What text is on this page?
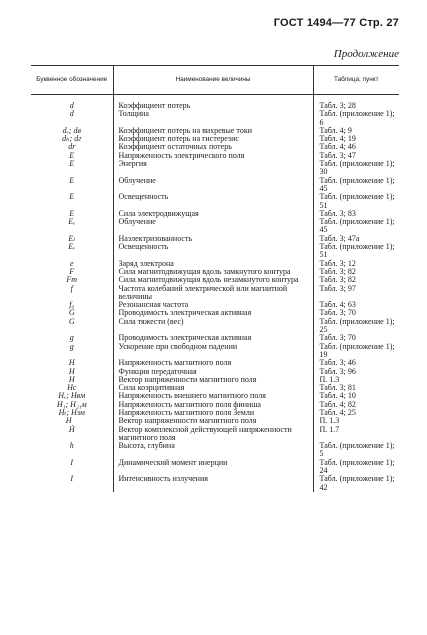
ГОСТ 1494—77 Стр. 27
Продолжение
Буквенное обозначение	Наименование величины	Таблица; пункт
d	Коэффициент потерь	Табл. 3; 28
d	Толщина	Табл. (приложение 1); 6
dᵥ; dв	Коэффициент потерь на вихревые токи	Табл. 4; 9
dₕ; dг	Коэффициент потерь на гистерезис	Табл. 4; 19
dr	Коэффициент остаточных потерь	Табл. 4; 46
E	Напряженность электрического поля	Табл. 3; 47
E	Энергия	Табл. (приложение 1); 30
E	Облучение	Табл. (приложение 1); 45
E	Освещенность	Табл. (приложение 1); 51
E	Сила электродвижущая	Табл. 3; 83
Eₑ	Облучение	Табл. (приложение 1); 45
Eₗ	Наэлектризованность	Табл. 3; 47а
Eᵥ	Освещенность	Табл. (приложение 1); 51
e	Заряд электрона	Табл. 3; 12
F	Сила магнитодвижущая вдоль замкнутого контура	Табл. 3; 82
Fm	Сила магнитодвижущая вдоль незамкнутого контура	Табл. 3; 82
f	Частота колебаний электрической или магнитной величины	Табл. 3; 97
f₀	Резонансная частота	Табл. 4; 63
G	Проводимость электрическая активная	Табл. 3; 70
G	Сила тяжести (вес)	Табл. (приложение 1); 25
g	Проводимость электрическая активная	Табл. 3; 70
g	Ускорение при свободном падении	Табл. (приложение 1); 19
H	Напряженность магнитного поля	Табл. 3; 46
H	Функция передаточная	Табл. 3; 96
H	Вектор напряженности магнитного поля	П. 1.3
Hc	Сила коэрцитивная	Табл. 3; 81
Hₑ; Hвм	Напряженность внешнего магнитного поля	Табл. 4; 10
H₁; H₂₁м	Напряженность магнитного поля финиша	Табл. 4; 82
Hₜ; Hзм	Напряженность магнитного поля Земли	Табл. 4; 25
H⃗	Вектор напряженности магнитного поля	П. 1.3
Ḣ	Вектор комплексной действующей напряженности магнитного поля	П. 1.7
h	Высота, глубина	Табл. (приложение 1); 5
I	Динамический момент инерции	Табл. (приложение 1); 24
I	Интенсивность излучения	Табл. (приложение 1); 42
